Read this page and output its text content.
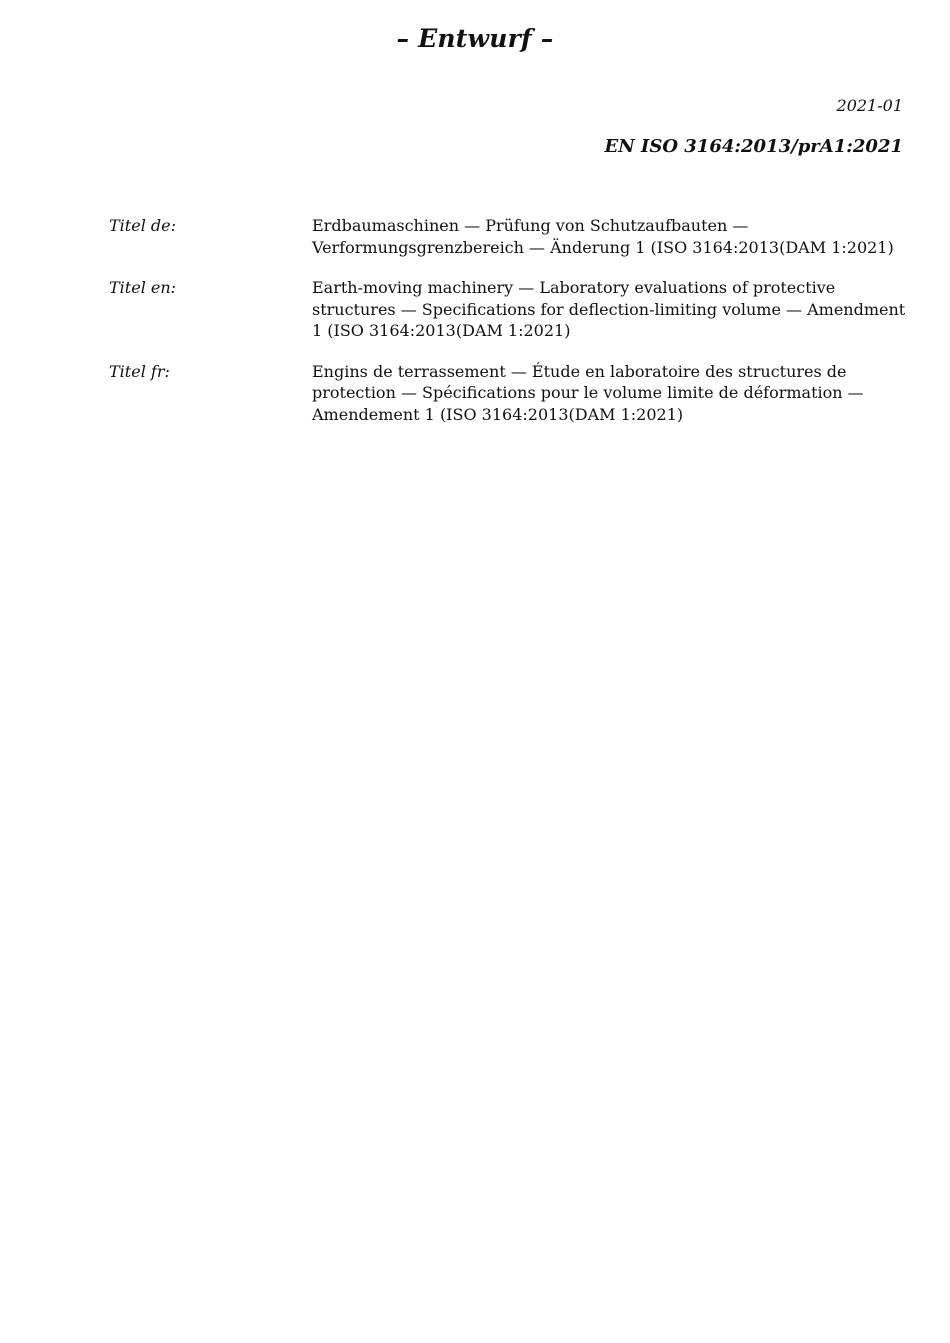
– Entwurf –
2021-01
EN ISO 3164:2013/prA1:2021
Titel de:	Erdbaumaschinen — Prüfung von Schutzaufbauten — Verformungsgrenzbereich — Änderung 1 (ISO 3164:2013(DAM 1:2021)
Titel en:	Earth-moving machinery — Laboratory evaluations of protective structures — Specifications for deflection-limiting volume — Amendment 1 (ISO 3164:2013(DAM 1:2021)
Titel fr:	Engins de terrassement — Étude en laboratoire des structures de protection — Spécifications pour le volume limite de déformation — Amendement 1 (ISO 3164:2013(DAM 1:2021)
